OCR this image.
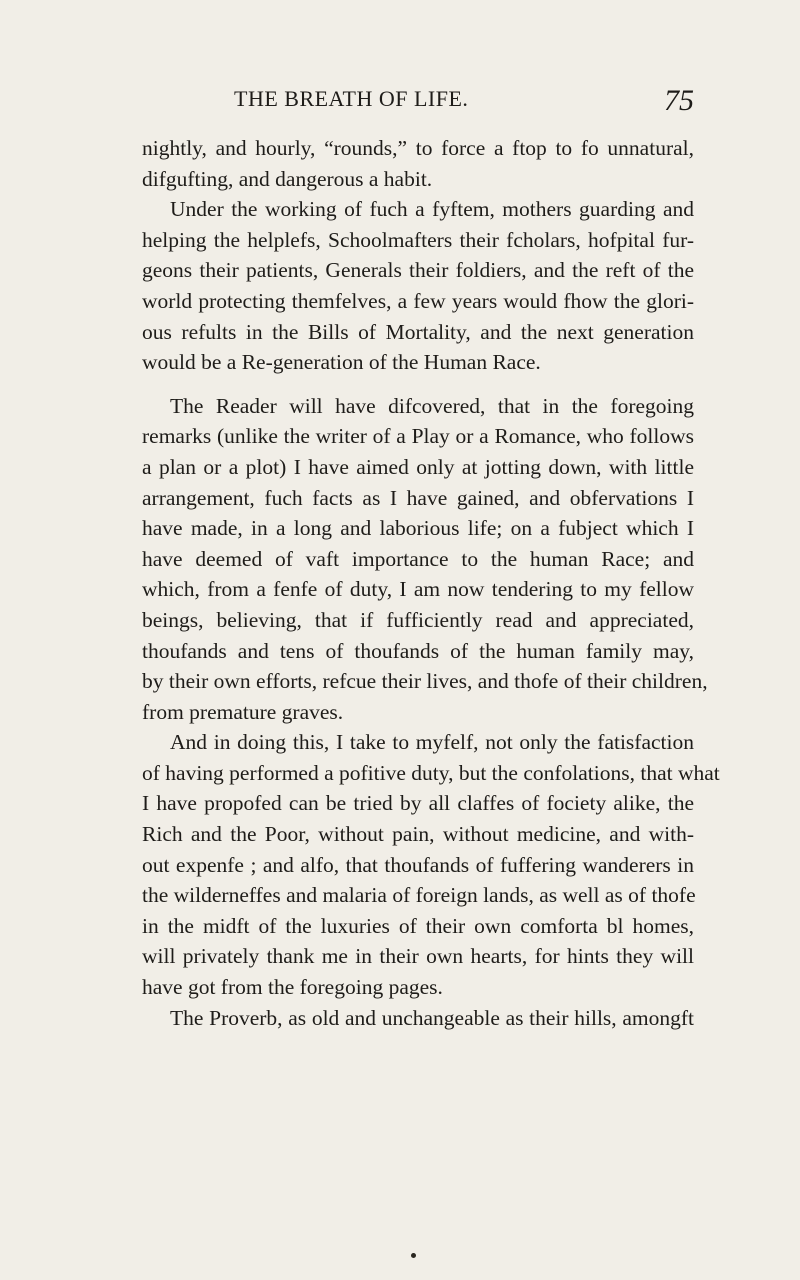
THE BREATH OF LIFE.	75
nightly, and hourly, “rounds,” to force a ftop to fo unnatural,
difgufting, and dangerous a habit.
Under the working of fuch a fyftem, mothers guarding and
helping the helplefs, Schoolmafters their fcholars, hofpital fur-
geons their patients, Generals their foldiers, and the reft of the
world protecting themfelves, a few years would fhow the glori-
ous refults in the Bills of Mortality, and the next generation
would be a Re-generation of the Human Race.
The Reader will have difcovered, that in the foregoing
remarks (unlike the writer of a Play or a Romance, who follows
a plan or a plot) I have aimed only at jotting down, with little
arrangement, fuch facts as I have gained, and obfervations I
have made, in a long and laborious life; on a fubject which I
have deemed of vaft importance to the human Race; and
which, from a fenfe of duty, I am now tendering to my fellow
beings, believing, that if fufficiently read and appreciated,
thoufands and tens of thoufands of the human family may,
by their own efforts, refcue their lives, and thofe of their children,
from premature graves.
And in doing this, I take to myfelf, not only the fatisfaction
of having performed a pofitive duty, but the confolations, that what
I have propofed can be tried by all claffes of fociety alike, the
Rich and the Poor, without pain, without medicine, and with-
out expenfe ; and alfo, that thoufands of fuffering wanderers in
the wilderneffes and malaria of foreign lands, as well as of thofe
in the midft of the luxuries of their own comforta bl homes,
will privately thank me in their own hearts, for hints they will
have got from the foregoing pages.
The Proverb, as old and unchangeable as their hills, amongft
